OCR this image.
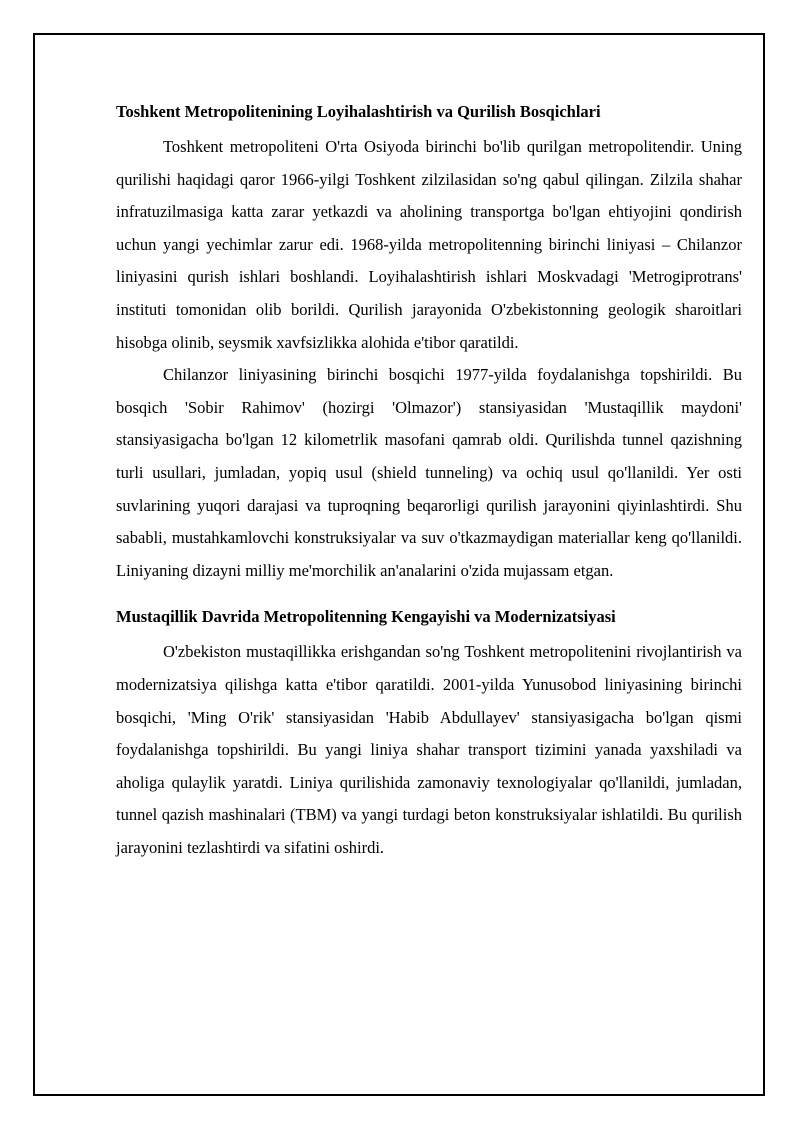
Toshkent Metropolitenining Loyihalashtirish va Qurilish Bosqichlari

Toshkent metropoliteni O'rta Osiyoda birinchi bo'lib qurilgan metropolitendir. Uning qurilishi haqidagi qaror 1966-yilgi Toshkent zilzilasidan so'ng qabul qilingan. Zilzila shahar infratuzilmasiga katta zarar yetkazdi va aholining transportga bo'lgan ehtiyojini qondirish uchun yangi yechimlar zarur edi. 1968-yilda metropolitenning birinchi liniyasi – Chilanzor liniyasini qurish ishlari boshlandi. Loyihalashtirish ishlari Moskvadagi 'Metrogiprotrans' instituti tomonidan olib borildi. Qurilish jarayonida O'zbekistonning geologik sharoitlari hisobga olinib, seysmik xavfsizlikka alohida e'tibor qaratildi.

Chilanzor liniyasining birinchi bosqichi 1977-yilda foydalanishga topshirildi. Bu bosqich 'Sobir Rahimov' (hozirgi 'Olmazor') stansiyasidan 'Mustaqillik maydoni' stansiyasigacha bo'lgan 12 kilometrlik masofani qamrab oldi. Qurilishda tunnel qazishning turli usullari, jumladan, yopiq usul (shield tunneling) va ochiq usul qo'llanildi. Yer osti suvlarining yuqori darajasi va tuproqning beqarorligi qurilish jarayonini qiyinlashtirdi. Shu sababli, mustahkamlovchi konstruksiyalar va suv o'tkazmaydigan materiallar keng qo'llanildi. Liniyaning dizayni milliy me'morchilik an'analarini o'zida mujassam etgan.

Mustaqillik Davrida Metropolitenning Kengayishi va Modernizatsiyasi

O'zbekiston mustaqillikka erishgandan so'ng Toshkent metropolitenini rivojlantirish va modernizatsiya qilishga katta e'tibor qaratildi. 2001-yilda Yunusobod liniyasining birinchi bosqichi, 'Ming O'rik' stansiyasidan 'Habib Abdullayev' stansiyasigacha bo'lgan qismi foydalanishga topshirildi. Bu yangi liniya shahar transport tizimini yanada yaxshiladi va aholiga qulaylik yaratdi. Liniya qurilishida zamonaviy texnologiyalar qo'llanildi, jumladan, tunnel qazish mashinalari (TBM) va yangi turdagi beton konstruksiyalar ishlatildi. Bu qurilish jarayonini tezlashtirdi va sifatini oshirdi.
